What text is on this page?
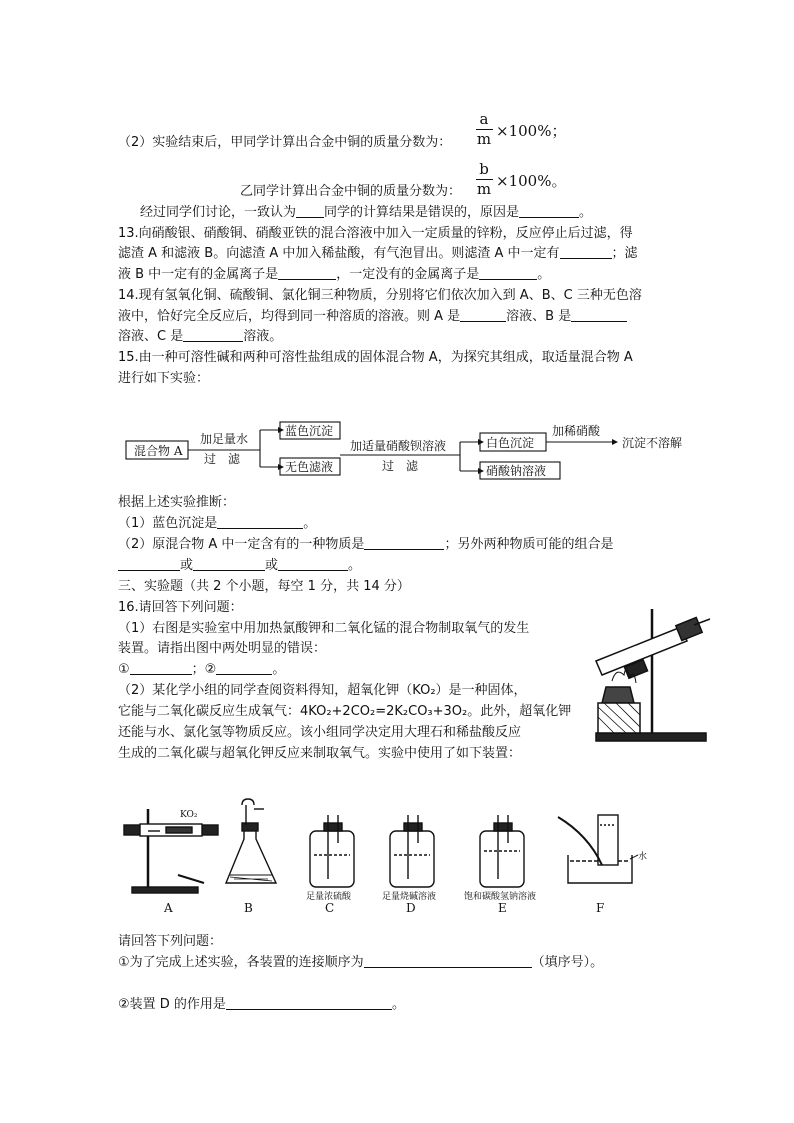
（2）实验结束后，甲同学计算出合金中铜的质量分数为：
a
m ×100%；
乙同学计算出合金中铜的质量分数为：
b
m ×100%。
经过同学们讨论，一致认为 同学的计算结果是错误的，原因是	。
13.向硝酸银、硝酸铜、硝酸亚铁的混合溶液中加入一定质量的锌粉，反应停止后过滤，得
滤渣 A 和滤液 B。向滤渣 A 中加入稀盐酸，有气泡冒出。则滤渣 A 中一定有	；滤
液 B 中一定有的金属离子是	，一定没有的金属离子是	。
14.现有氢氧化铜、硫酸铜、氯化铜三种物质，分别将它们依次加入到 A、B、C 三种无色溶
液中，恰好完全反应后，均得到同一种溶质的溶液。则 A 是	溶液、B 是
溶液、C 是	溶液。
15.由一种可溶性碱和两种可溶性盐组成的固体混合物 A，为探究其组成，取适量混合物 A
进行如下实验：
混合物 A
加足量水
过　滤
蓝色沉淀
无色滤液
加适量硝酸钡溶液
过　滤
白色沉淀
硝酸钠溶液
加稀硝酸
沉淀不溶解
根据上述实验推断：
（1）蓝色沉淀是	。
（2）原混合物 A 中一定含有的一种物质是	；另外两种物质可能的组合是
或	或	。
三、实验题（共 2 个小题，每空 1 分，共 14 分）
16.请回答下列问题：
（1）右图是实验室中用加热氯酸钾和二氧化锰的混合物制取氧气的发生
装置。请指出图中两处明显的错误：
①	；②	。
（2）某化学小组的同学查阅资料得知，超氧化钾（KO₂）是一种固体，
它能与二氧化碳反应生成氧气：4KO₂+2CO₂=2K₂CO₃+3O₂。此外，超氧化钾
还能与水、氯化氢等物质反应。该小组同学决定用大理石和稀盐酸反应
生成的二氧化碳与超氧化钾反应来制取氧气。实验中使用了如下装置：
KO₂
足量浓硫酸	足量烧碱溶液	饱和碳酸氢钠溶液
水
A	B	C	D	E	F
请回答下列问题：
①为了完成上述实验，各装置的连接顺序为	（填序号）。
②装置 D 的作用是	。
